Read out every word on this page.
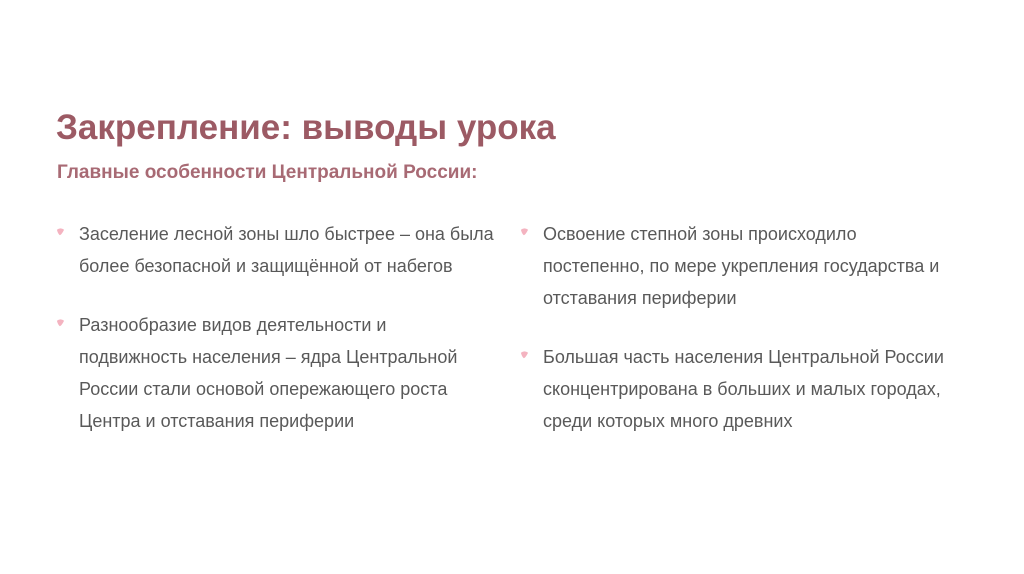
Закрепление: выводы урока
Главные особенности Центральной России:
Заселение лесной зоны шло быстрее – она была более безопасной и защищённой от набегов
Разнообразие видов деятельности и подвижность населения – ядра Центральной России стали основой опережающего роста Центра и отставания периферии
Освоение степной зоны происходило постепенно, по мере укрепления государства и отставания периферии
Большая часть населения Центральной России сконцентрирована в больших и малых городах, среди которых много древних
